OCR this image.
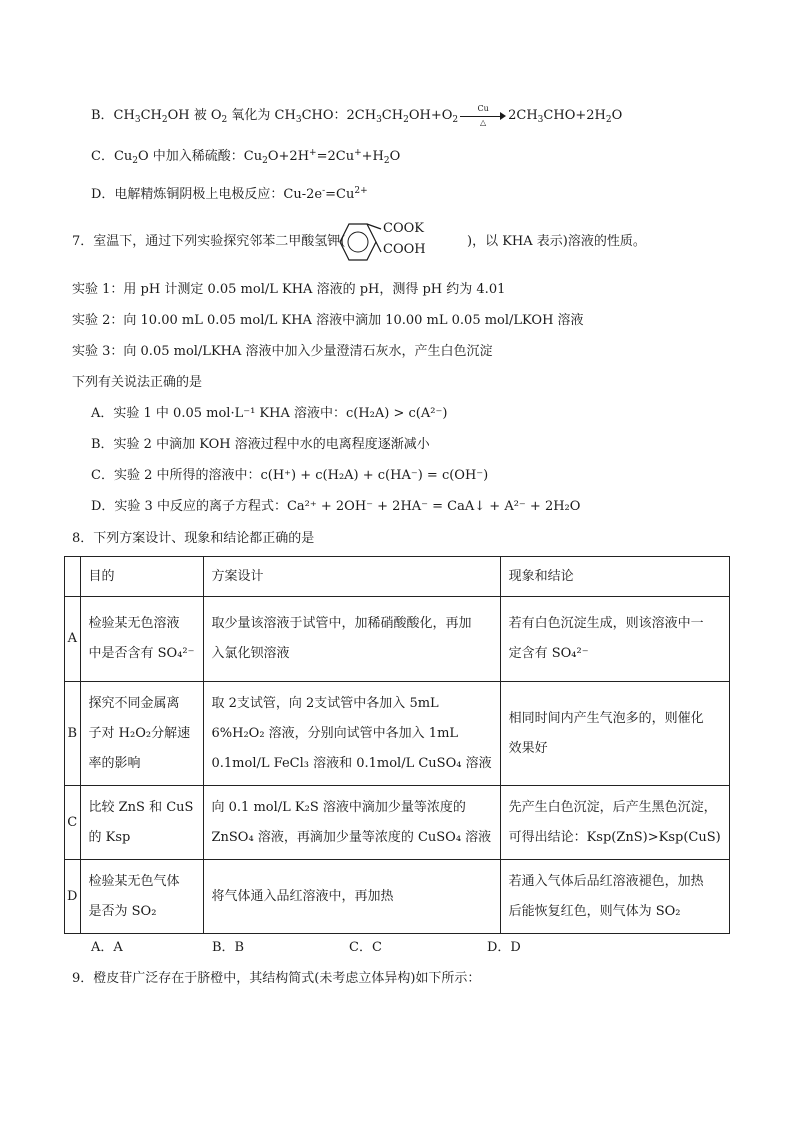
B．$CH_3CH_2OH$ 被 $O_2$ 氧化为 $CH_3CHO$：$2CH_3CH_2OH+O_2$
Cu
△	$2CH_3CHO+2H_2O$
C．$Cu_2O$ 中加入稀硫酸：$Cu_2O+2H^+=2Cu^++H_2O$
D．电解精炼铜阴极上电极反应：$Cu-2e^-=Cu^{2+}$
7．室温下，通过下列实验探究邻苯二甲酸氢钾(
COOK
COOH
)，以 KHA 表示)溶液的性质。
实验 1：用 pH 计测定 0.05 mol/L KHA 溶液的 pH，测得 pH 约为 4.01
实验 2：向 10.00 mL 0.05 mol/L KHA 溶液中滴加 10.00 mL 0.05 mol/LKOH 溶液
实验 3：向 0.05 mol/LKHA 溶液中加入少量澄清石灰水，产生白色沉淀
下列有关说法正确的是
A．实验 1 中 0.05 mol·L⁻¹ KHA 溶液中：c(H₂A) > c(A²⁻)
B．实验 2 中滴加 KOH 溶液过程中水的电离程度逐渐减小
C．实验 2 中所得的溶液中：c(H⁺) + c(H₂A) + c(HA⁻) = c(OH⁻)
D．实验 3 中反应的离子方程式：Ca²⁺ + 2OH⁻ + 2HA⁻ = CaA↓ + A²⁻ + 2H₂O
8．下列方案设计、现象和结论都正确的是
	目的	方案设计	现象和结论
A	检验某无色溶液
中是否含有 SO₄²⁻	取少量该溶液于试管中，加稀硝酸酸化，再加
入氯化钡溶液	若有白色沉淀生成，则该溶液中一
定含有 SO₄²⁻

B	探究不同金属离
子对 H₂O₂分解速
率的影响	取 2支试管，向 2支试管中各加入 5mL
6%H₂O₂ 溶液，分别向试管中各加入 1mL
0.1mol/L FeCl₃ 溶液和 0.1mol/L CuSO₄ 溶液	相同时间内产生气泡多的，则催化
效果好

C	比较 ZnS 和 CuS
的 Ksp	向 0.1 mol/L K₂S 溶液中滴加少量等浓度的
ZnSO₄ 溶液，再滴加少量等浓度的 CuSO₄ 溶液	先产生白色沉淀，后产生黑色沉淀，
可得出结论：Ksp(ZnS)>Ksp(CuS)

D	检验某无色气体
是否为 SO₂	将气体通入品红溶液中，再加热	若通入气体后品红溶液褪色，加热
后能恢复红色，则气体为 SO₂
A．A	B．B	C．C	D．D
9．橙皮苷广泛存在于脐橙中，其结构简式(未考虑立体异构)如下所示：
